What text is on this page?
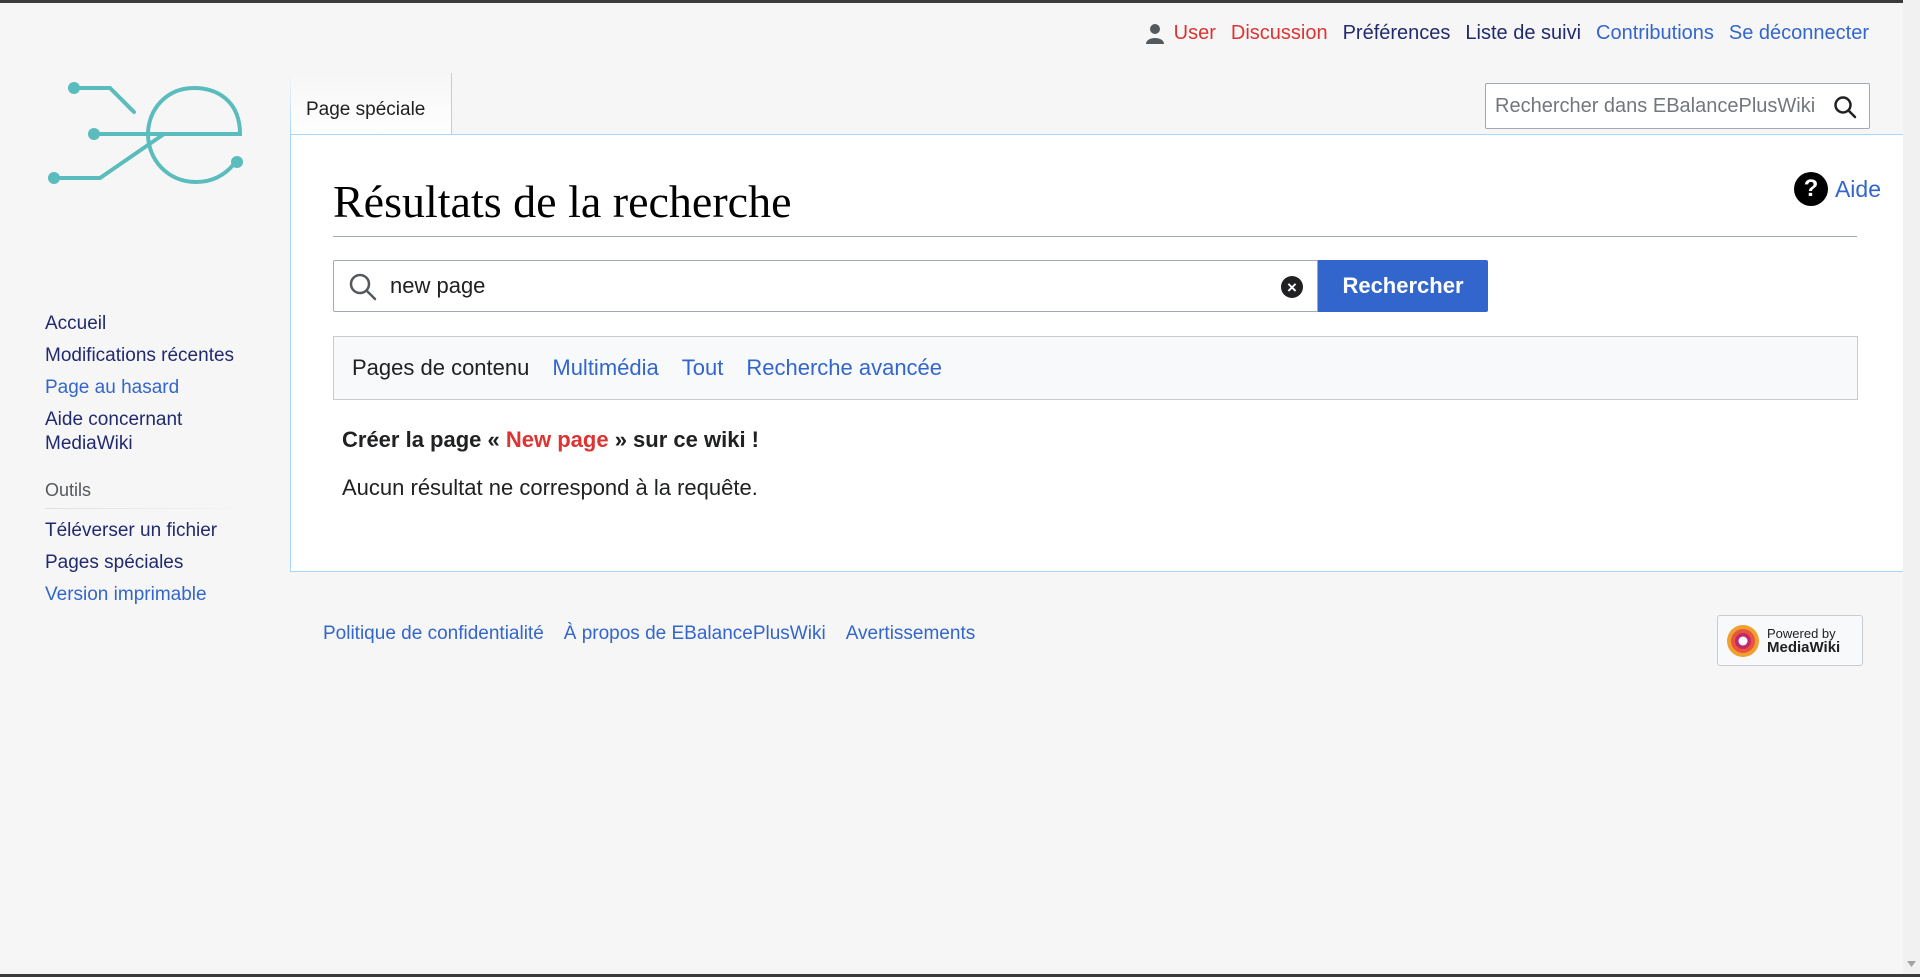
User Discussion Préférences Liste de suivi Contributions Se déconnecter
Accueil
Modifications récentes
Page au hasard
Aide concernant MediaWiki
Outils
Téléverser un fichier
Pages spéciales
Version imprimable
Page spéciale
Rechercher dans EBalancePlusWiki
Résultats de la recherche	? Aide
new page
×	Rechercher
Pages de contenu Multimédia Tout Recherche avancée
Créer la page « New page » sur ce wiki !
Aucun résultat ne correspond à la requête.
Politique de confidentialité À propos de EBalancePlusWiki Avertissements	Powered by
MediaWiki
